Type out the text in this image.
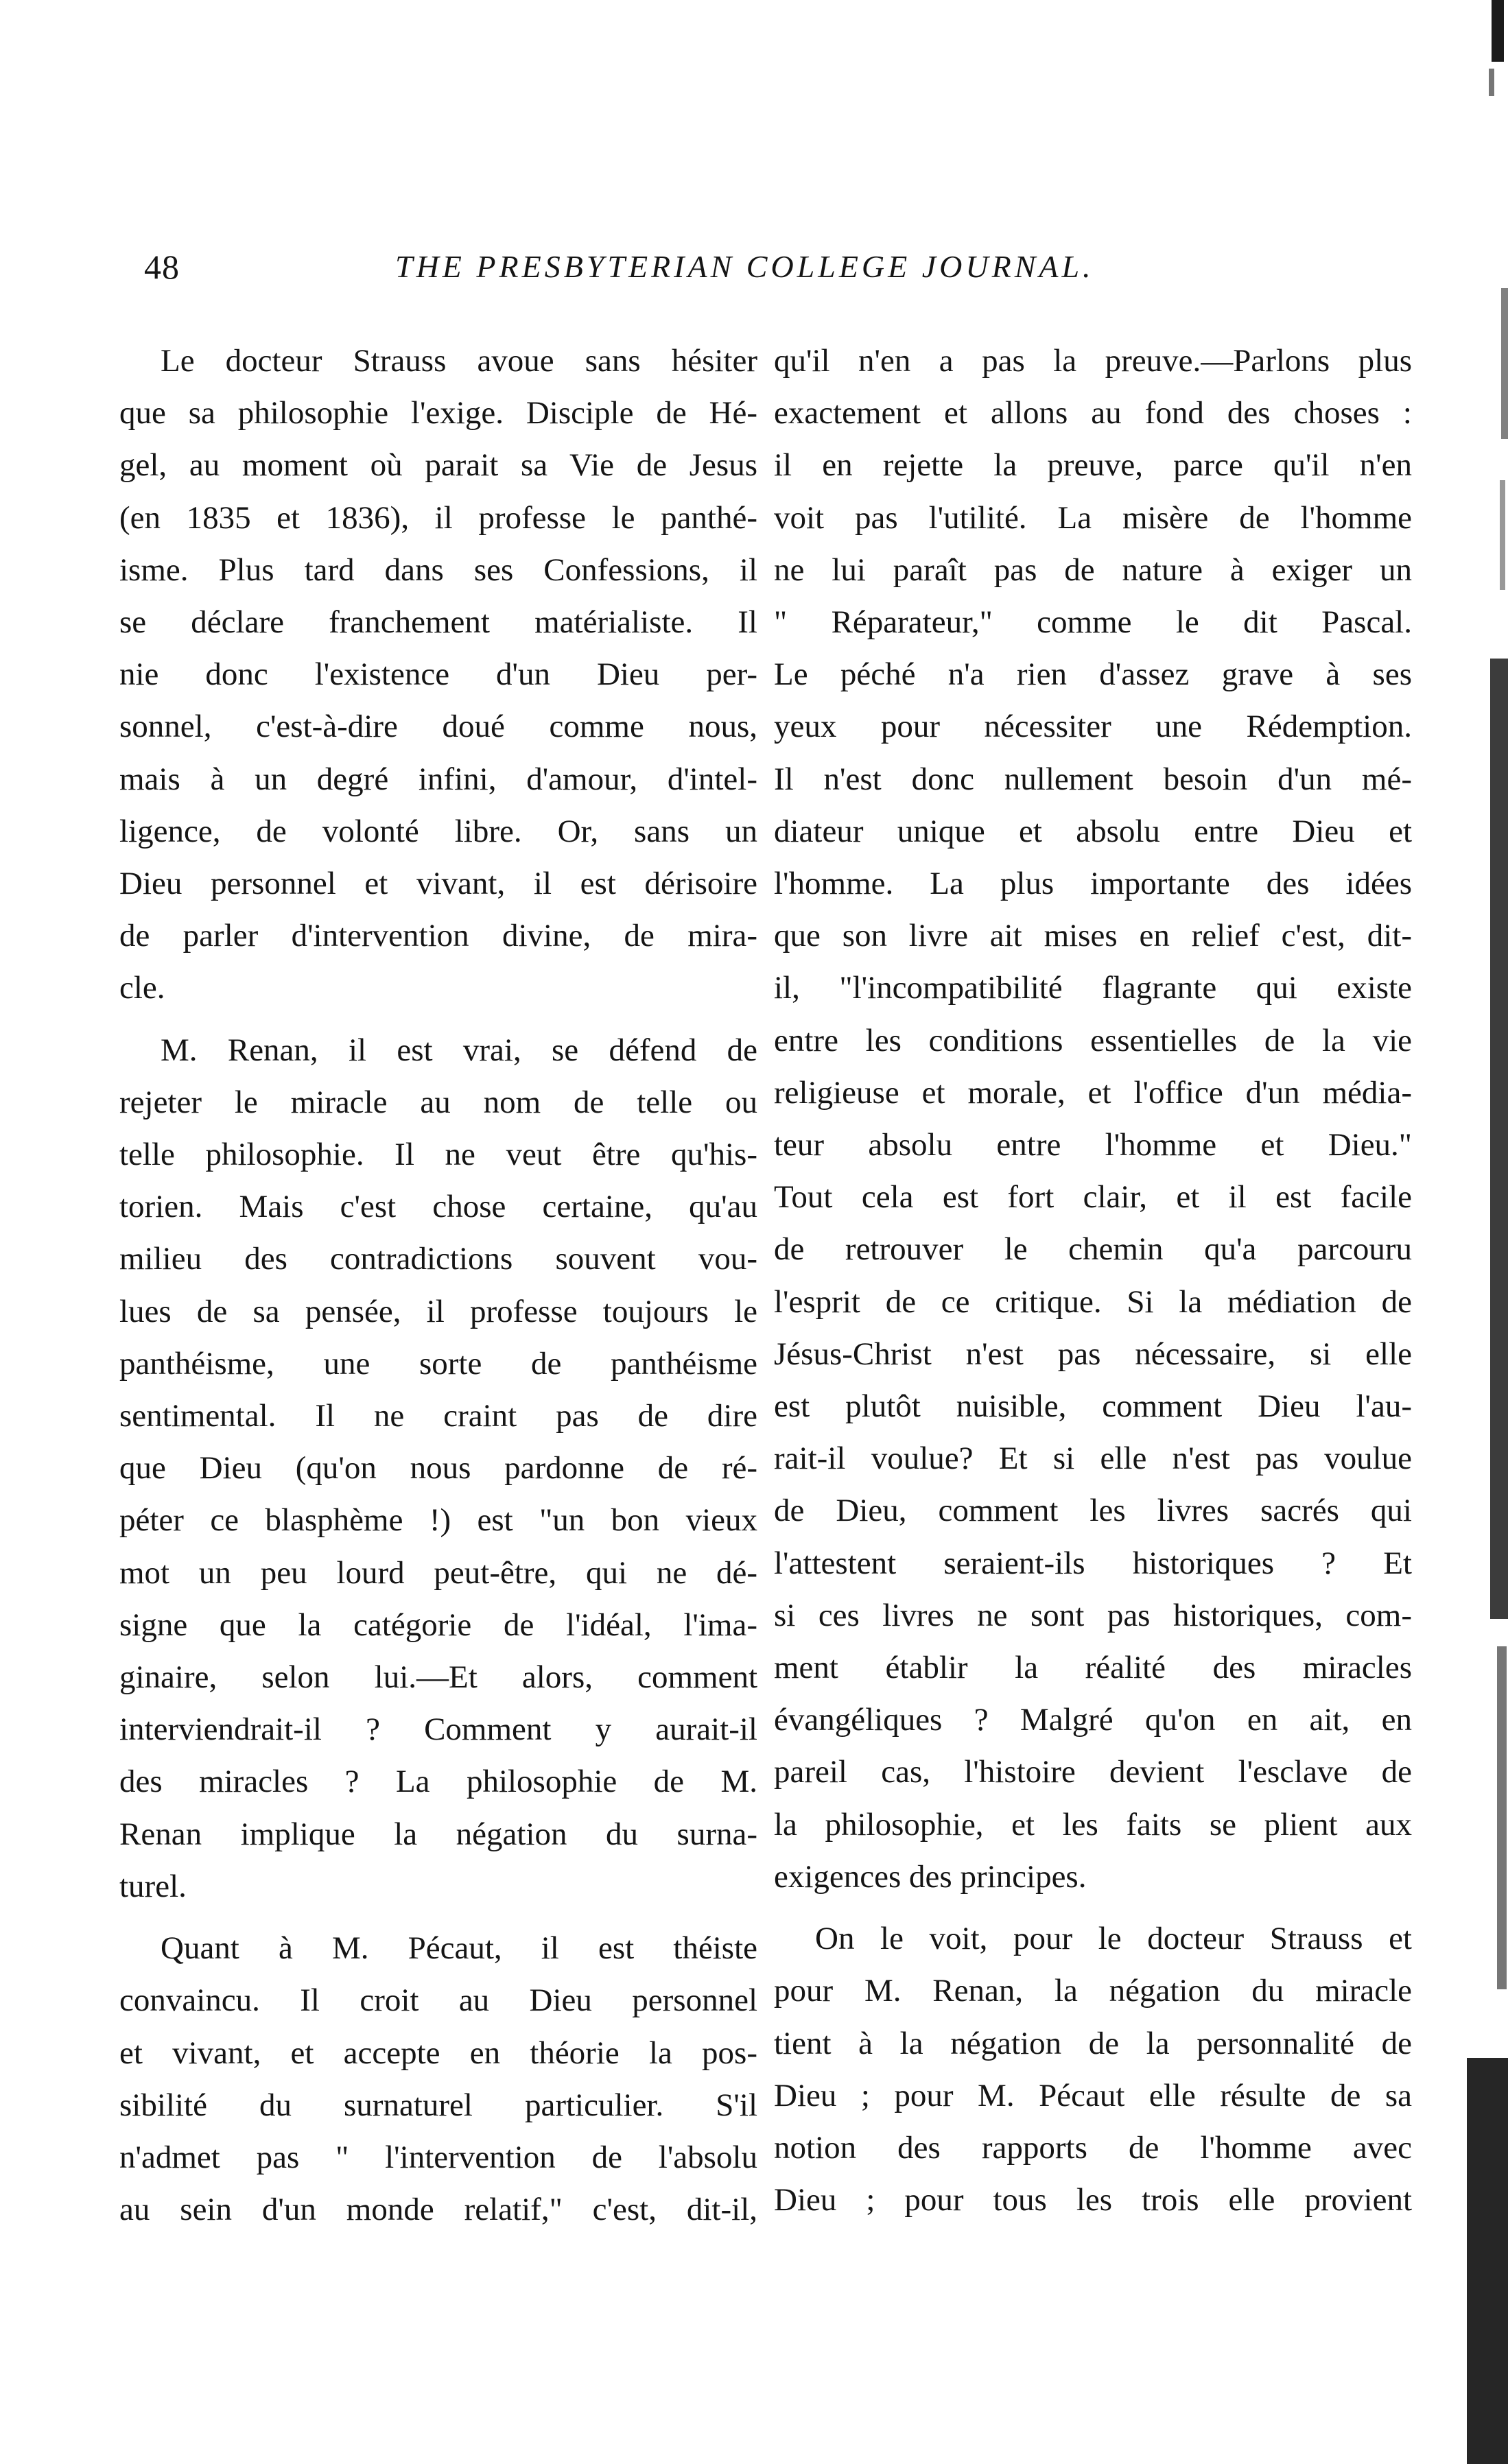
48	THE PRESBYTERIAN COLLEGE JOURNAL.
Le docteur Strauss avoue sans hésiter
que sa philosophie l'exige. Disciple de Hé-
gel, au moment où parait sa Vie de Jesus
(en 1835 et 1836), il professe le panthé-
isme. Plus tard dans ses Confessions, il
se déclare franchement matérialiste. Il
nie donc l'existence d'un Dieu per-
sonnel, c'est-à-dire doué comme nous,
mais à un degré infini, d'amour, d'intel-
ligence, de volonté libre. Or, sans un
Dieu personnel et vivant, il est dérisoire
de parler d'intervention divine, de mira-
cle.
M. Renan, il est vrai, se défend de
rejeter le miracle au nom de telle ou
telle philosophie. Il ne veut être qu'his-
torien. Mais c'est chose certaine, qu'au
milieu des contradictions souvent vou-
lues de sa pensée, il professe toujours le
panthéisme, une sorte de panthéisme
sentimental. Il ne craint pas de dire
que Dieu (qu'on nous pardonne de ré-
péter ce blasphème !) est "un bon vieux
mot un peu lourd peut-être, qui ne dé-
signe que la catégorie de l'idéal, l'ima-
ginaire, selon lui.—Et alors, comment
interviendrait-il ? Comment y aurait-il
des miracles ? La philosophie de M.
Renan implique la négation du surna-
turel.
Quant à M. Pécaut, il est théiste
convaincu. Il croit au Dieu personnel
et vivant, et accepte en théorie la pos-
sibilité du surnaturel particulier. S'il
n'admet pas " l'intervention de l'absolu
au sein d'un monde relatif," c'est, dit-il,
qu'il n'en a pas la preuve.—Parlons plus
exactement et allons au fond des choses :
il en rejette la preuve, parce qu'il n'en
voit pas l'utilité. La misère de l'homme
ne lui paraît pas de nature à exiger un
" Réparateur," comme le dit Pascal.
Le péché n'a rien d'assez grave à ses
yeux pour nécessiter une Rédemption.
Il n'est donc nullement besoin d'un mé-
diateur unique et absolu entre Dieu et
l'homme. La plus importante des idées
que son livre ait mises en relief c'est, dit-
il, "l'incompatibilité flagrante qui existe
entre les conditions essentielles de la vie
religieuse et morale, et l'office d'un média-
teur absolu entre l'homme et Dieu."
Tout cela est fort clair, et il est facile
de retrouver le chemin qu'a parcouru
l'esprit de ce critique. Si la médiation de
Jésus-Christ n'est pas nécessaire, si elle
est plutôt nuisible, comment Dieu l'au-
rait-il voulue? Et si elle n'est pas voulue
de Dieu, comment les livres sacrés qui
l'attestent seraient-ils historiques ? Et
si ces livres ne sont pas historiques, com-
ment établir la réalité des miracles
évangéliques ? Malgré qu'on en ait, en
pareil cas, l'histoire devient l'esclave de
la philosophie, et les faits se plient aux
exigences des principes.
On le voit, pour le docteur Strauss et
pour M. Renan, la négation du miracle
tient à la négation de la personnalité de
Dieu ; pour M. Pécaut elle résulte de sa
notion des rapports de l'homme avec
Dieu ; pour tous les trois elle provient
